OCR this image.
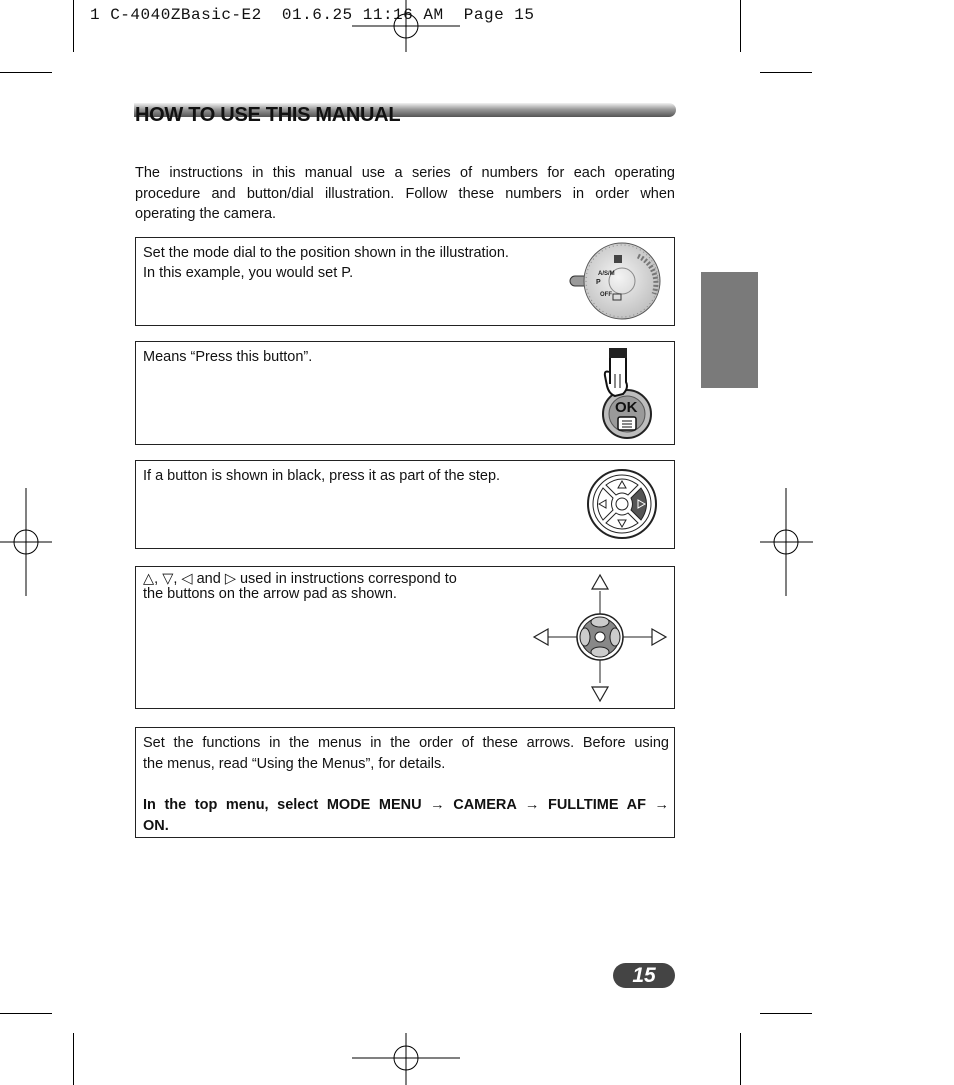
1 C-4040ZBasic-E2  01.6.25 11:16 AM  Page 15
HOW TO USE THIS MANUAL
The instructions in this manual use a series of numbers for each operating procedure and button/dial illustration. Follow these numbers in order when operating the camera.

Set the mode dial to the position shown in the illustration.
In this example, you would set P.	A/S/M
P
OFF

Means “Press this button”.

OK

If a button is shown in black, press it as part of the step.

△, ▽, ◁ and ▷ used in instructions correspond to
the buttons on the arrow pad as shown.

Set the functions in the menus in the order of these arrows. Before using
the menus, read “Using the Menus”, for details.
In the top menu, select MODE MENU → CAMERA → FULLTIME AF →
ON.
15
